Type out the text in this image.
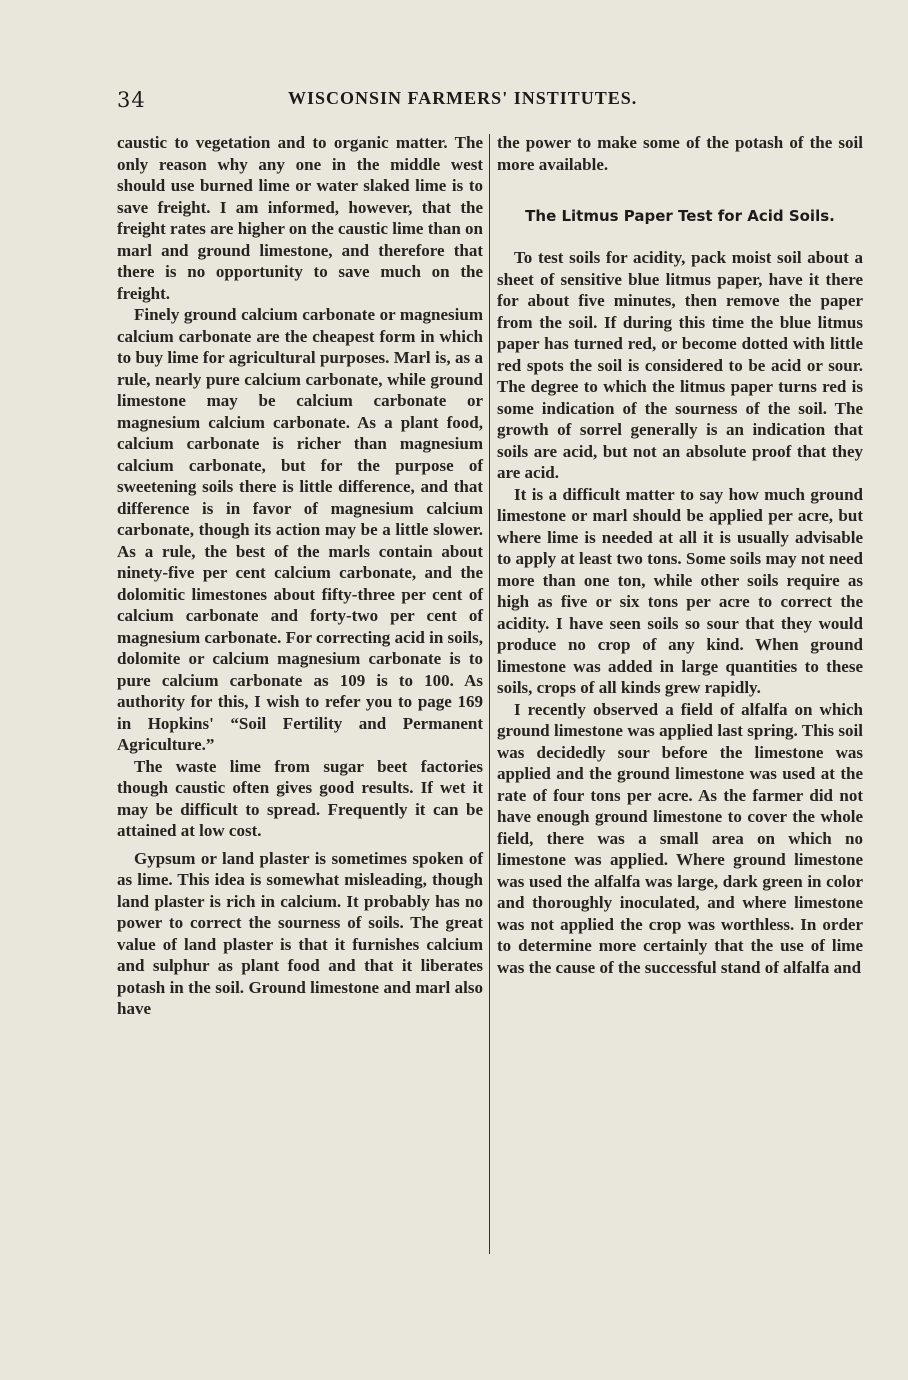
34	WISCONSIN FARMERS' INSTITUTES.

caustic to vegetation and to organic matter. The only reason why any one in the middle west should use burned lime or water slaked lime is to save freight. I am informed, however, that the freight rates are higher on the caustic lime than on marl and ground limestone, and therefore that there is no opportunity to save much on the freight.

Finely ground calcium carbonate or magnesium calcium carbonate are the cheapest form in which to buy lime for agricultural purposes. Marl is, as a rule, nearly pure calcium carbonate, while ground limestone may be calcium carbonate or magnesium calcium carbonate. As a plant food, calcium carbonate is richer than magnesium calcium carbonate, but for the purpose of sweetening soils there is little difference, and that difference is in favor of magnesium calcium carbonate, though its action may be a little slower. As a rule, the best of the marls contain about ninety-five per cent calcium carbonate, and the dolomitic limestones about fifty-three per cent of calcium carbonate and forty-two per cent of magnesium carbonate. For correcting acid in soils, dolomite or calcium magnesium carbonate is to pure calcium carbonate as 109 is to 100. As authority for this, I wish to refer you to page 169 in Hopkins' “Soil Fertility and Permanent Agriculture.”

The waste lime from sugar beet factories though caustic often gives good results. If wet it may be difficult to spread. Frequently it can be attained at low cost.

Gypsum or land plaster is sometimes spoken of as lime. This idea is somewhat misleading, though land plaster is rich in calcium. It probably has no power to correct the sourness of soils. The great value of land plaster is that it furnishes calcium and sulphur as plant food and that it liberates potash in the soil. Ground limestone and marl also have

the power to make some of the potash of the soil more available.

The Litmus Paper Test for Acid Soils.

To test soils for acidity, pack moist soil about a sheet of sensitive blue litmus paper, have it there for about five minutes, then remove the paper from the soil. If during this time the blue litmus paper has turned red, or become dotted with little red spots the soil is considered to be acid or sour. The degree to which the litmus paper turns red is some indication of the sourness of the soil. The growth of sorrel generally is an indication that soils are acid, but not an absolute proof that they are acid.

It is a difficult matter to say how much ground limestone or marl should be applied per acre, but where lime is needed at all it is usually advisable to apply at least two tons. Some soils may not need more than one ton, while other soils require as high as five or six tons per acre to correct the acidity. I have seen soils so sour that they would produce no crop of any kind. When ground limestone was added in large quantities to these soils, crops of all kinds grew rapidly.

I recently observed a field of alfalfa on which ground limestone was applied last spring. This soil was decidedly sour before the limestone was applied and the ground limestone was used at the rate of four tons per acre. As the farmer did not have enough ground limestone to cover the whole field, there was a small area on which no limestone was applied. Where ground limestone was used the alfalfa was large, dark green in color and thoroughly inoculated, and where limestone was not applied the crop was worthless. In order to determine more certainly that the use of lime was the cause of the successful stand of alfalfa and
